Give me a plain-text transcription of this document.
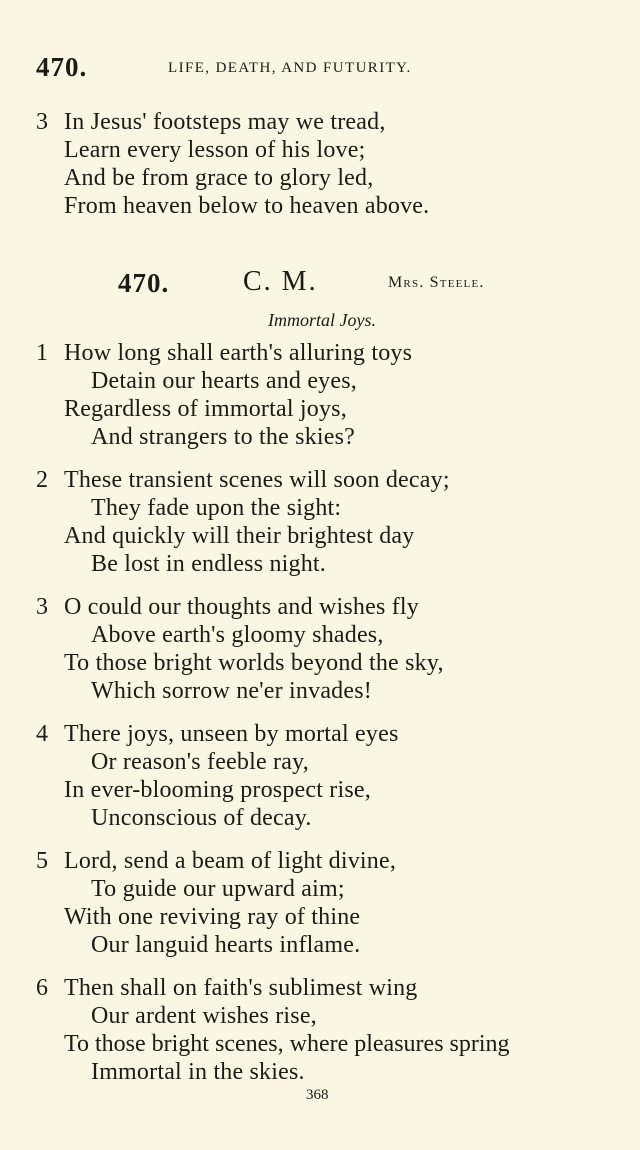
470.	LIFE, DEATH, AND FUTURITY.
3 In Jesus' footsteps may we tread,
Learn every lesson of his love;
And be from grace to glory led,
From heaven below to heaven above.
470.	C. M.	Mrs. Steele.
Immortal Joys.
1 How long shall earth's alluring toys
Detain our hearts and eyes,
Regardless of immortal joys,
And strangers to the skies?
2 These transient scenes will soon decay;
They fade upon the sight:
And quickly will their brightest day
Be lost in endless night.
3 O could our thoughts and wishes fly
Above earth's gloomy shades,
To those bright worlds beyond the sky,
Which sorrow ne'er invades!
4 There joys, unseen by mortal eyes
Or reason's feeble ray,
In ever-blooming prospect rise,
Unconscious of decay.
5 Lord, send a beam of light divine,
To guide our upward aim;
With one reviving ray of thine
Our languid hearts inflame.
6 Then shall on faith's sublimest wing
Our ardent wishes rise,
To those bright scenes, where pleasures spring
Immortal in the skies.
368
